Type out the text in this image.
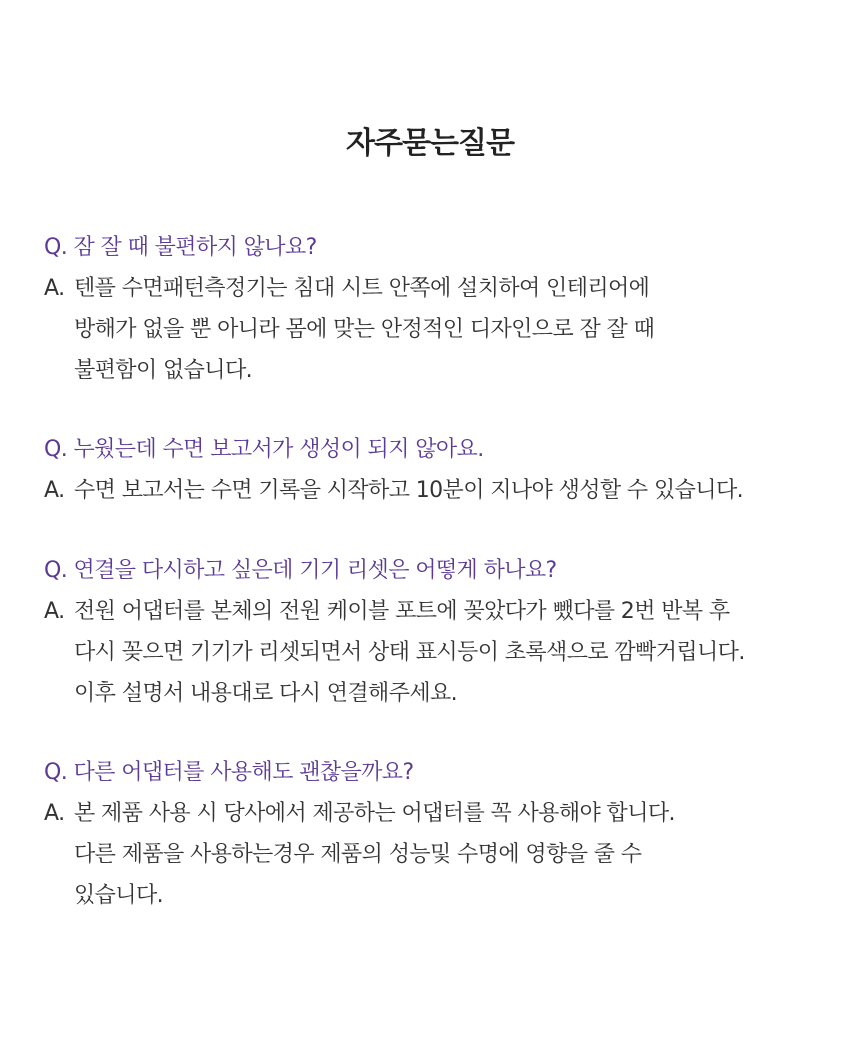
자주묻는질문

Q. 잠 잘 때 불편하지 않나요?

A. 텐플 수면패턴측정기는 침대 시트 안쪽에 설치하여 인테리어에
방해가 없을 뿐 아니라 몸에 맞는 안정적인 디자인으로 잠 잘 때
불편함이 없습니다.

Q. 누웠는데 수면 보고서가 생성이 되지 않아요.

A. 수면 보고서는 수면 기록을 시작하고 10분이 지나야 생성할 수 있습니다.

Q. 연결을 다시하고 싶은데 기기 리셋은 어떻게 하나요?

A. 전원 어댑터를 본체의 전원 케이블 포트에 꽂았다가 뺐다를 2번 반복 후
다시 꽂으면 기기가 리셋되면서 상태 표시등이 초록색으로 깜빡거립니다.
이후 설명서 내용대로 다시 연결해주세요.

Q. 다른 어댑터를 사용해도 괜찮을까요?

A. 본 제품 사용 시 당사에서 제공하는 어댑터를 꼭 사용해야 합니다.
다른 제품을 사용하는경우 제품의 성능및 수명에 영향을 줄 수
있습니다.
